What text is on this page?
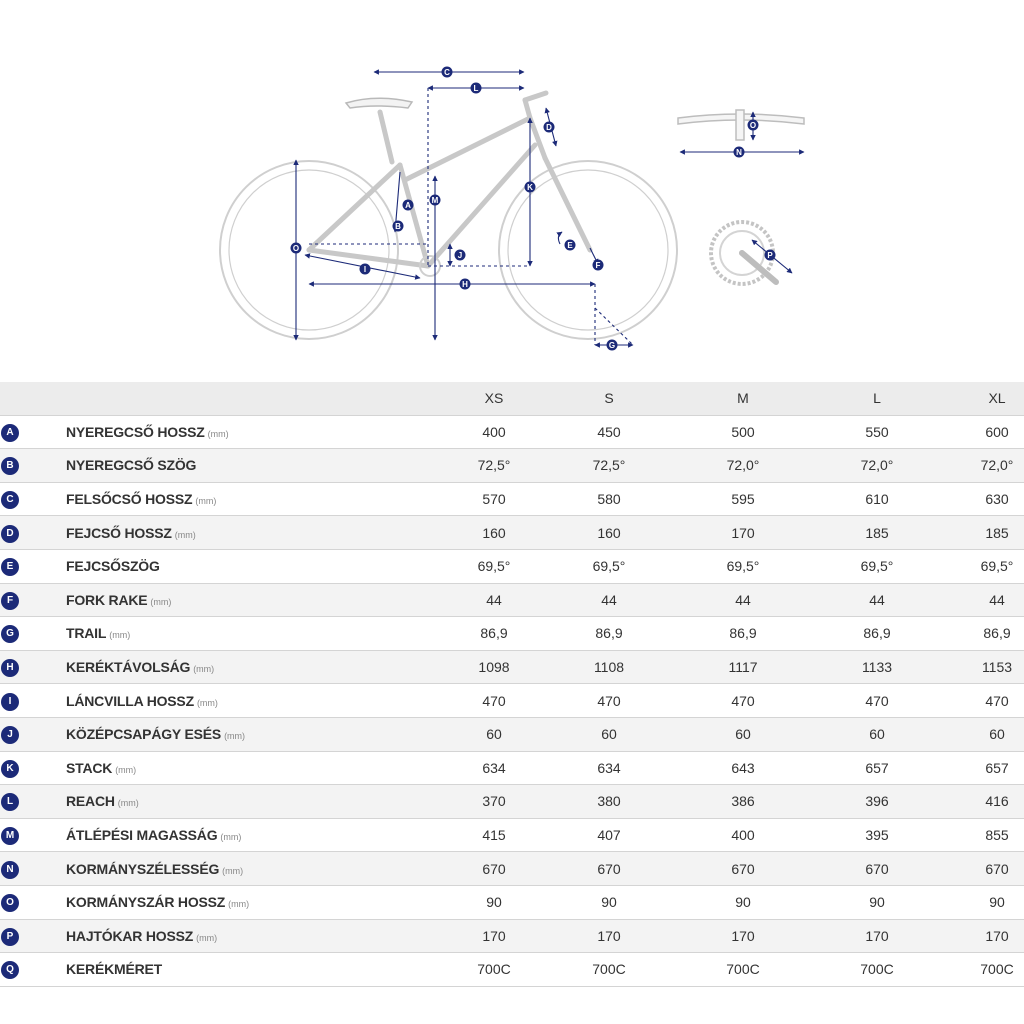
C
L
D
M
K
A
B
O
I
J
H
E
F
G
O
N
P
		XS	S	M	L	XL
A	NYEREGCSŐ HOSSZ (mm)	400	450	500	550	600
B	NYEREGCSŐ SZÖG	72,5°	72,5°	72,0°	72,0°	72,0°
C	FELSŐCSŐ HOSSZ (mm)	570	580	595	610	630
D	FEJCSŐ HOSSZ (mm)	160	160	170	185	185
E	FEJCSŐSZÖG	69,5°	69,5°	69,5°	69,5°	69,5°
F	FORK RAKE (mm)	44	44	44	44	44
G	TRAIL (mm)	86,9	86,9	86,9	86,9	86,9
H	KERÉKTÁVOLSÁG (mm)	1098	1108	1117	1133	1153
I	LÁNCVILLA HOSSZ (mm)	470	470	470	470	470
J	KÖZÉPCSAPÁGY ESÉS (mm)	60	60	60	60	60
K	STACK (mm)	634	634	643	657	657
L	REACH (mm)	370	380	386	396	416
M	ÁTLÉPÉSI MAGASSÁG (mm)	415	407	400	395	855
N	KORMÁNYSZÉLESSÉG (mm)	670	670	670	670	670
O	KORMÁNYSZÁR HOSSZ (mm)	90	90	90	90	90
P	HAJTÓKAR HOSSZ (mm)	170	170	170	170	170
Q	KERÉKMÉRET	700C	700C	700C	700C	700C
